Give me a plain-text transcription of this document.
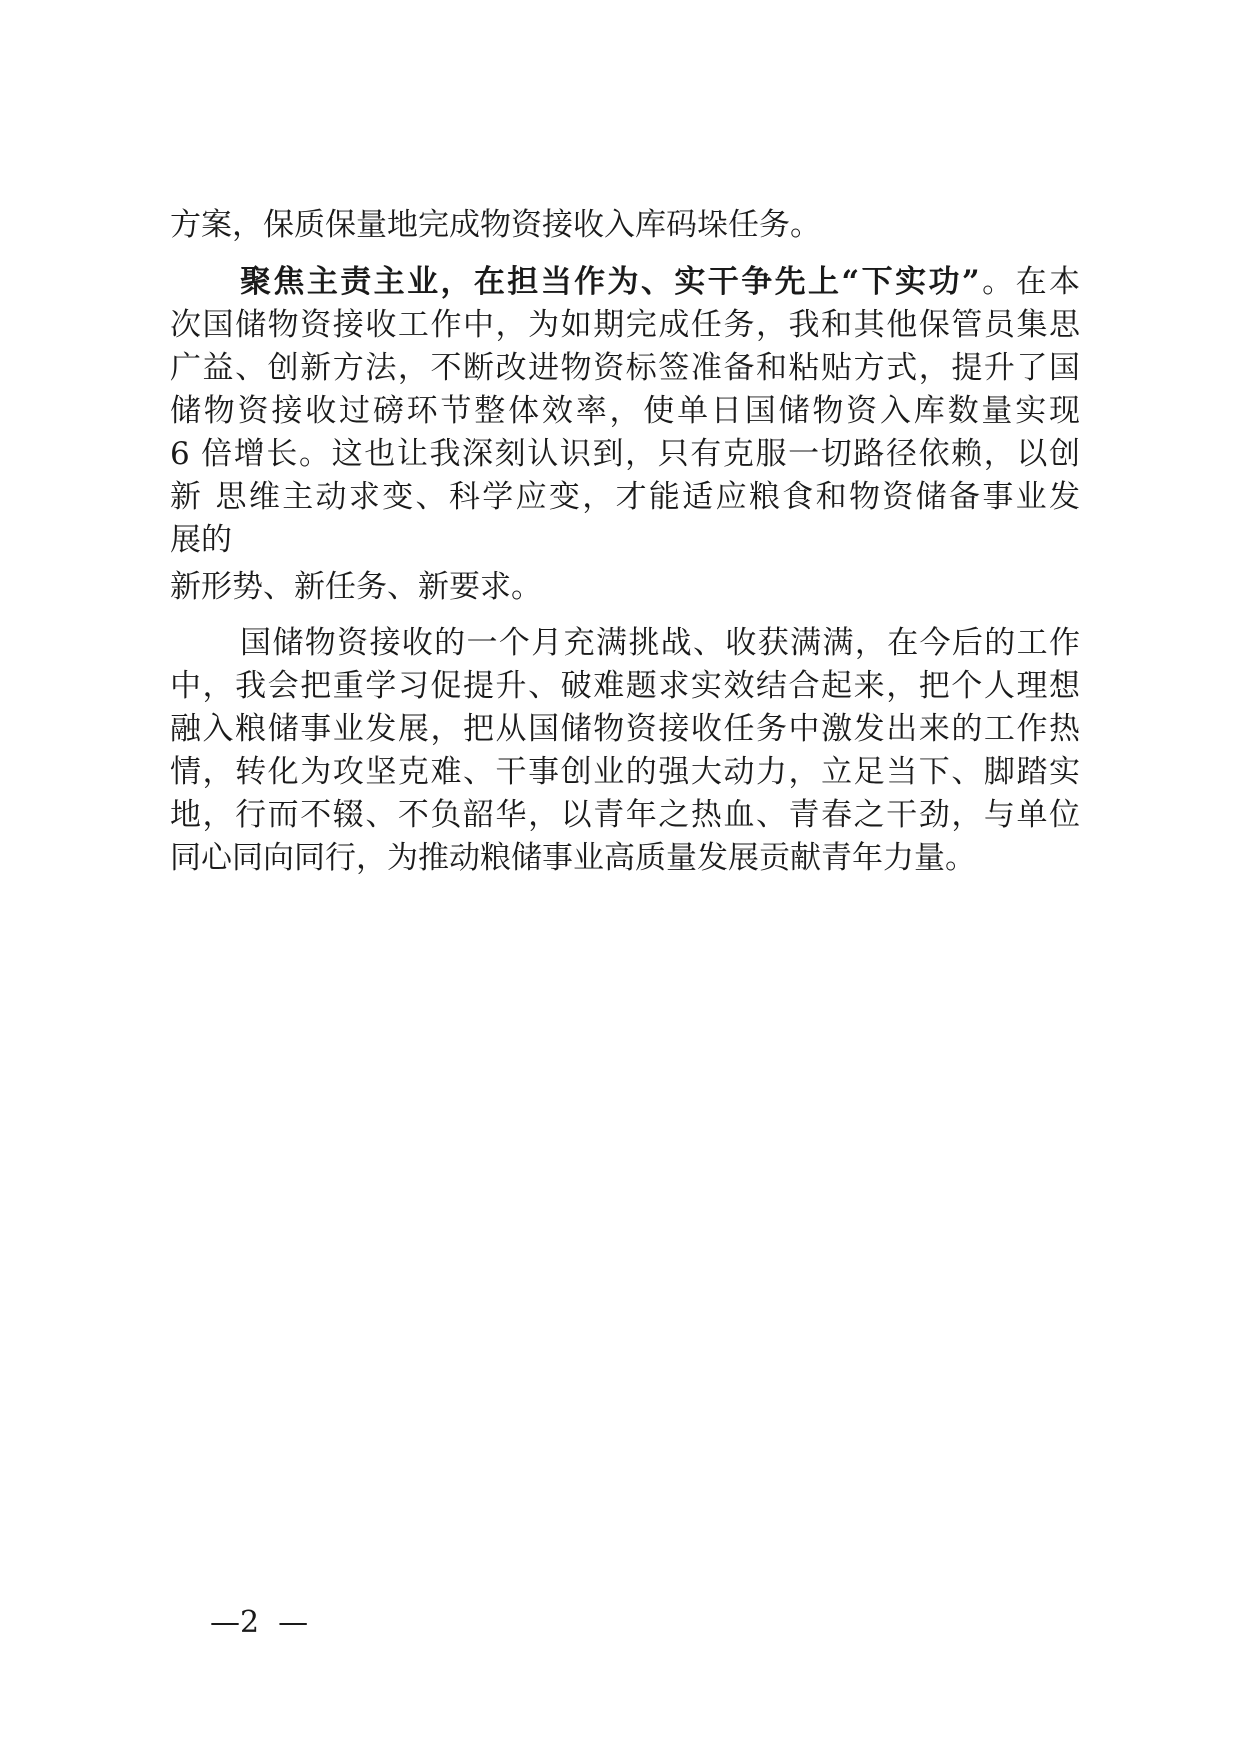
方案，保质保量地完成物资接收入库码垛任务。
聚焦主责主业，在担当作为、实干争先上“下实功”。在本
次国储物资接收工作中，为如期完成任务，我和其他保管员集思
广益、创新方法，不断改进物资标签准备和粘贴方式，提升了国
储物资接收过磅环节整体效率，使单日国储物资入库数量实现
6 倍增长。这也让我深刻认识到，只有克服一切路径依赖，以创
新 思维主动求变、科学应变，才能适应粮食和物资储备事业发
展的
新形势、新任务、新要求。
国储物资接收的一个月充满挑战、收获满满，在今后的工作
中，我会把重学习促提升、破难题求实效结合起来，把个人理想
融入粮储事业发展，把从国储物资接收任务中激发出来的工作热
情，转化为攻坚克难、干事创业的强大动力，立足当下、脚踏实
地，行而不辍、不负韶华，以青年之热血、青春之干劲，与单位
同心同向同行，为推动粮储事业高质量发展贡献青年力量。
—2  —
